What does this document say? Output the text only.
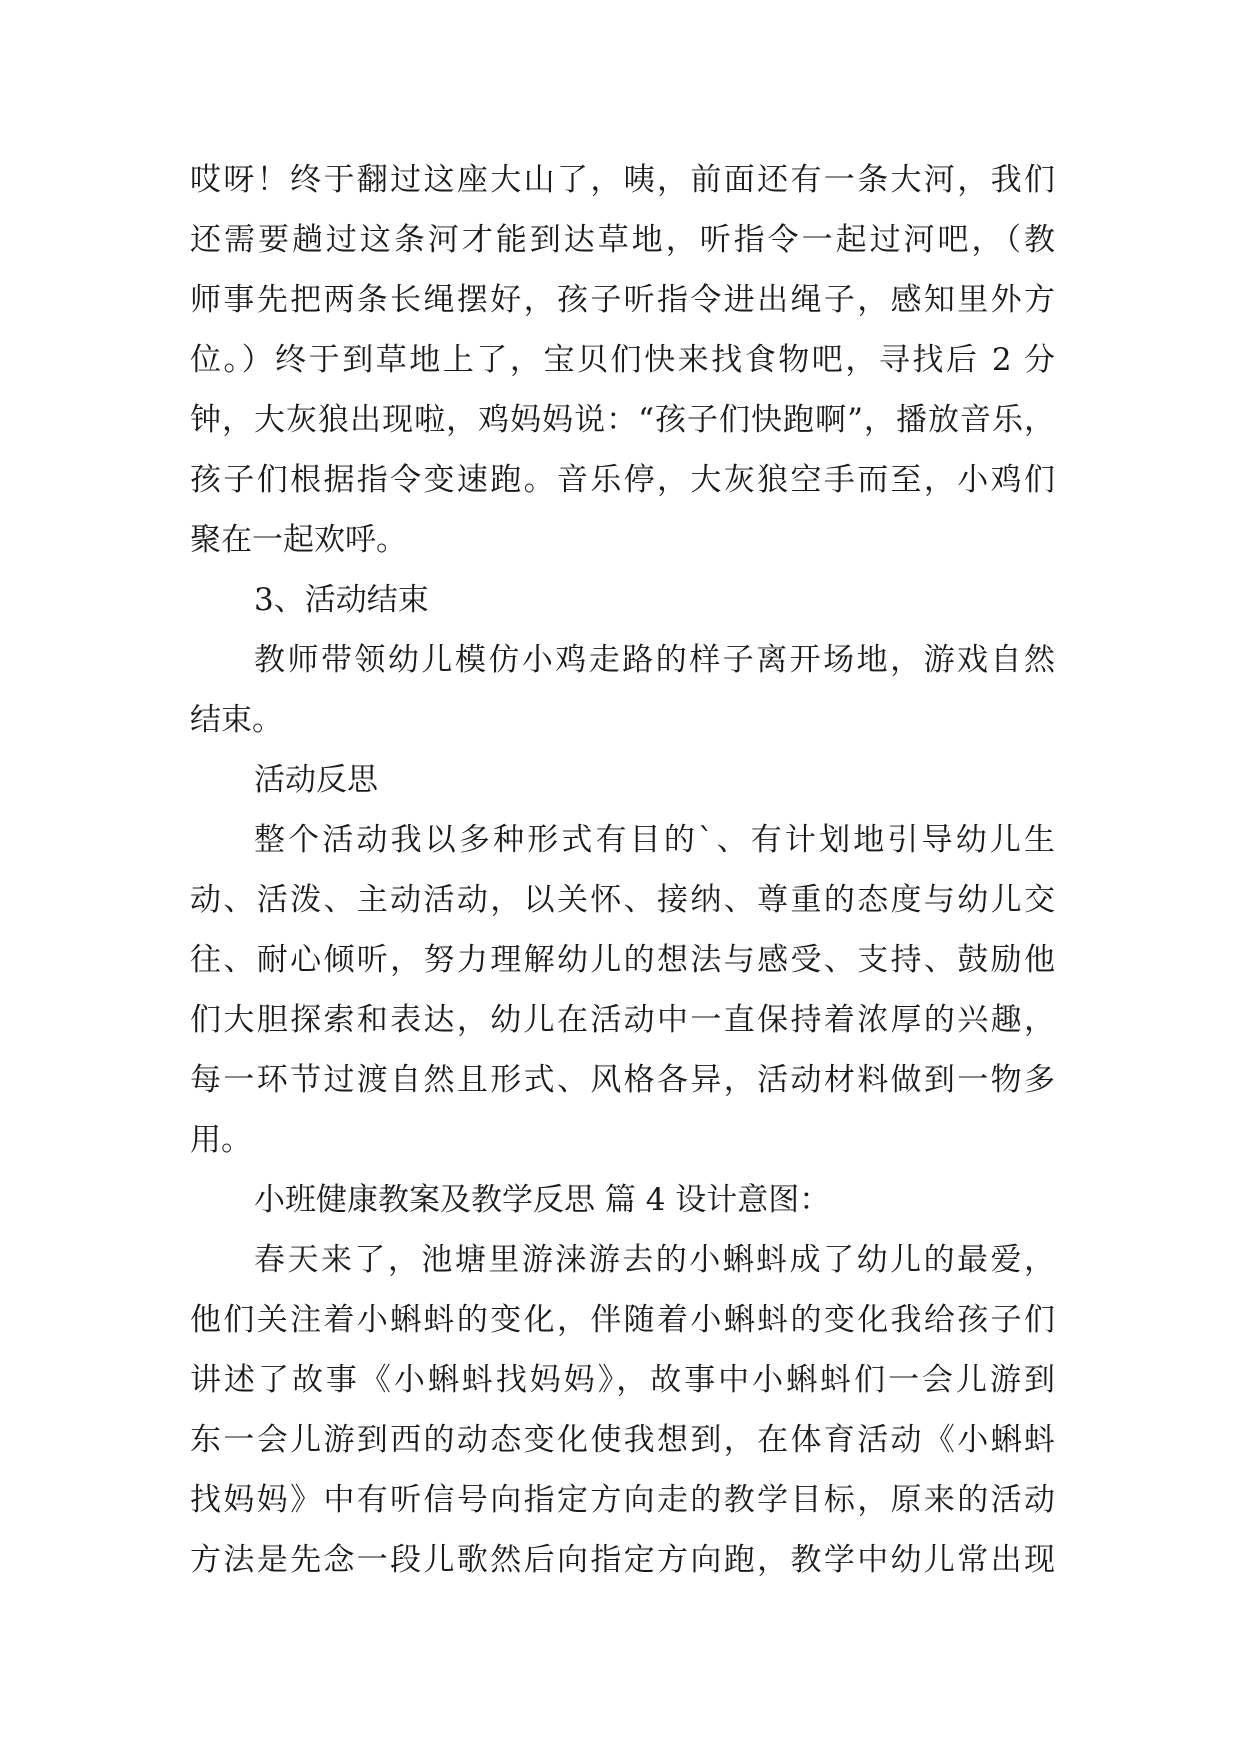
哎呀！终于翻过这座大山了，咦，前面还有一条大河，我们
还需要趟过这条河才能到达草地，听指令一起过河吧，（教
师事先把两条长绳摆好，孩子听指令进出绳子，感知里外方
位。）终于到草地上了，宝贝们快来找食物吧，寻找后 2 分
钟，大灰狼出现啦，鸡妈妈说：“孩子们快跑啊”，播放音乐，
孩子们根据指令变速跑。音乐停，大灰狼空手而至，小鸡们
聚在一起欢呼。
3、活动结束
教师带领幼儿模仿小鸡走路的样子离开场地，游戏自然
结束。
活动反思
整个活动我以多种形式有目的`、有计划地引导幼儿生
动、活泼、主动活动，以关怀、接纳、尊重的态度与幼儿交
往、耐心倾听，努力理解幼儿的想法与感受、支持、鼓励他
们大胆探索和表达，幼儿在活动中一直保持着浓厚的兴趣，
每一环节过渡自然且形式、风格各异，活动材料做到一物多
用。
小班健康教案及教学反思 篇 4 设计意图：
春天来了，池塘里游涞游去的小蝌蚪成了幼儿的最爱，
他们关注着小蝌蚪的变化，伴随着小蝌蚪的变化我给孩子们
讲述了故事《小蝌蚪找妈妈》，故事中小蝌蚪们一会儿游到
东一会儿游到西的动态变化使我想到，在体育活动《小蝌蚪
找妈妈》中有听信号向指定方向走的教学目标，原来的活动
方法是先念一段儿歌然后向指定方向跑，教学中幼儿常出现
